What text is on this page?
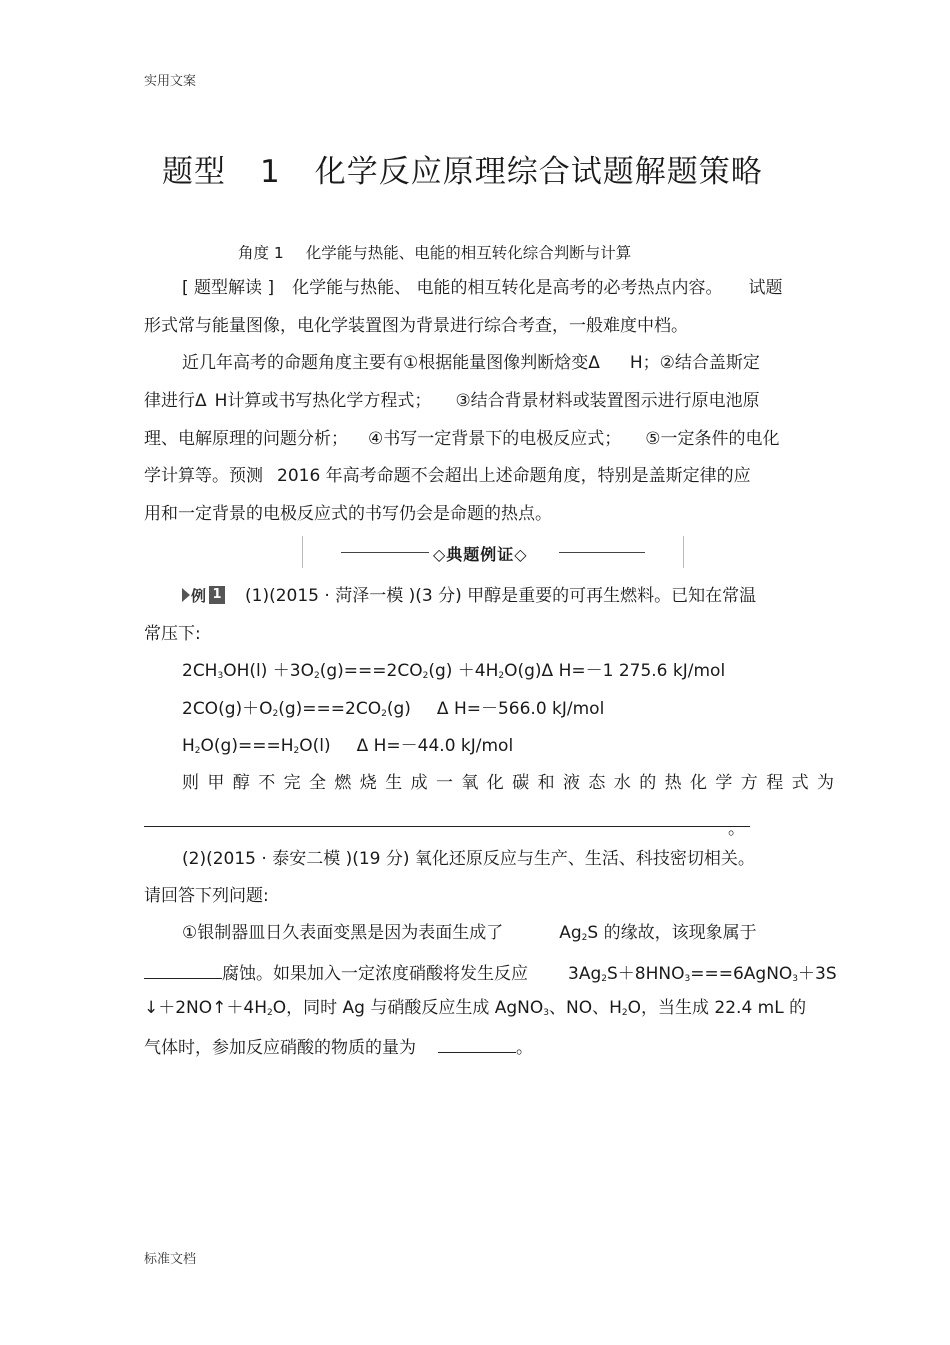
实用文案
题型 1 化学反应原理综合试题解题策略
角度 1 化学能与热能、电能的相互转化综合判断与计算
[ 题型解读 ] 化学能与热能、 电能的相互转化是高考的必考热点内容。 试题
形式常与能量图像，电化学装置图为背景进行综合考查，一般难度中档。
近几年高考的命题角度主要有①根据能量图像判断焓变Δ H；②结合盖斯定
律进行Δ H计算或书写热化学方程式； ③结合背景材料或装置图示进行原电池原
理、电解原理的问题分析； ④书写一定背景下的电极反应式； ⑤一定条件的电化
学计算等。预测 2016 年高考命题不会超出上述命题角度，特别是盖斯定律的应
用和一定背景的电极反应式的书写仍会是命题的热点。
◇典题例证◇
例 1 (1)(2015 · 菏泽一模 )(3 分) 甲醇是重要的可再生燃料。已知在常温
常压下:
$2CH_3OH(l) +3O_2(g)===2CO_2(g) +4H_2O(g)\Delta$ H=－1 275.6 kJ/mol
$2CO(g)+O_2(g)===2CO_2(g)$ Δ H=－566.0 kJ/mol
$H_2O(g)===H_2O(l)$ Δ H=－44.0 kJ/mol
则甲醇不完全燃烧生成一氧化碳和液态水的热化学方程式为
。
(2)(2015 · 泰安二模 )(19 分) 氧化还原反应与生产、生活、科技密切相关。
请回答下列问题:
①银制器皿日久表面变黑是因为表面生成了	$Ag_2S$ 的缘故，该现象属于
腐蚀。如果加入一定浓度硝酸将发生反应 $3Ag_2S+8HNO_3===6AgNO_3+3S$
$↓+2NO↑+4H_2O$，同时 Ag 与硝酸反应生成 AgNO$_3$、NO、$H_2O$，当生成 22.4 mL 的
气体时，参加反应硝酸的物质的量为	。
标准文档
